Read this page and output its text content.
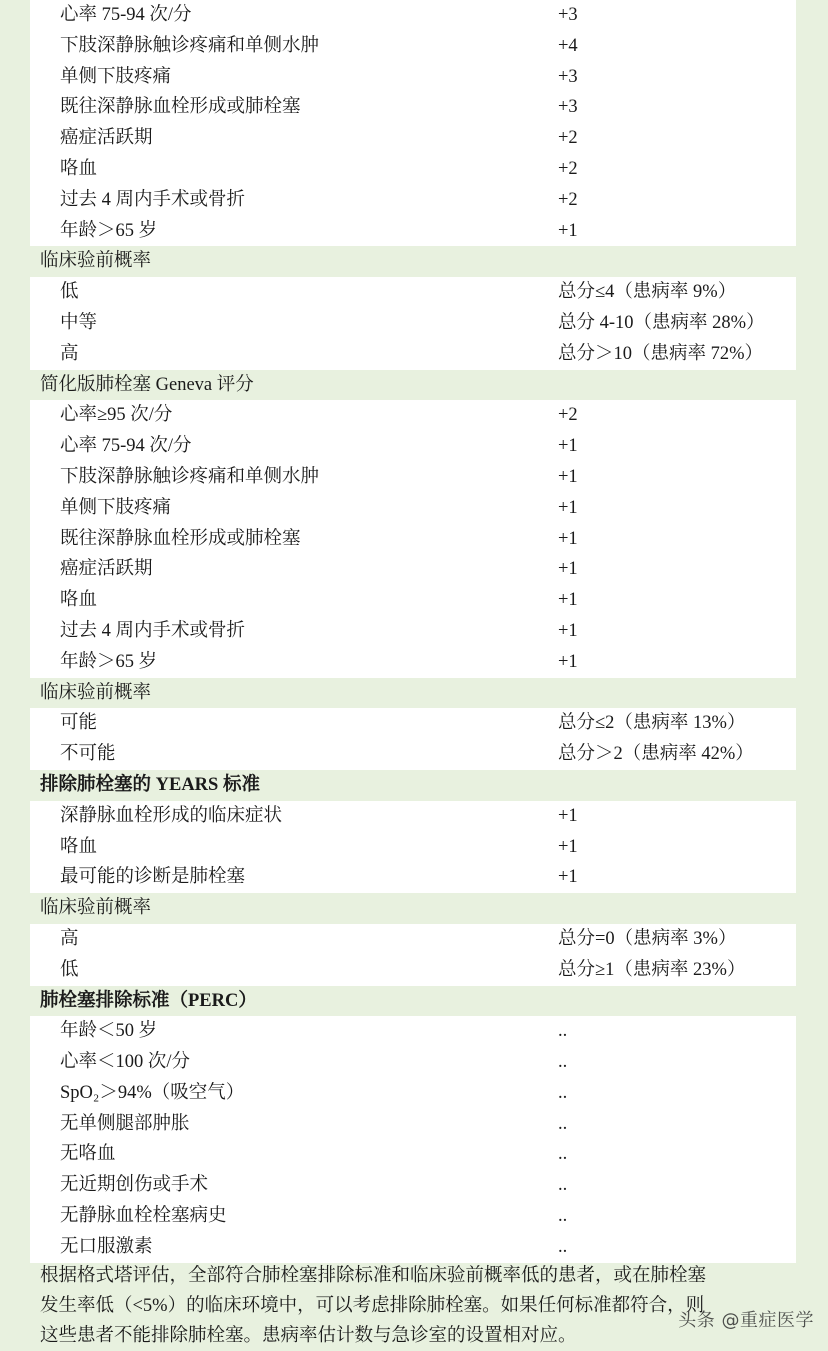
心率 75-94 次/分	+3
下肢深静脉触诊疼痛和单侧水肿	+4
单侧下肢疼痛	+3
既往深静脉血栓形成或肺栓塞	+3
癌症活跃期	+2
咯血	+2
过去 4 周内手术或骨折	+2
年龄＞65 岁	+1
临床验前概率
低	总分≤4（患病率 9%）
中等	总分 4-10（患病率 28%）
高	总分＞10（患病率 72%）
简化版肺栓塞 Geneva 评分
心率≥95 次/分	+2
心率 75-94 次/分	+1
下肢深静脉触诊疼痛和单侧水肿	+1
单侧下肢疼痛	+1
既往深静脉血栓形成或肺栓塞	+1
癌症活跃期	+1
咯血	+1
过去 4 周内手术或骨折	+1
年龄＞65 岁	+1
临床验前概率
可能	总分≤2（患病率 13%）
不可能	总分＞2（患病率 42%）
排除肺栓塞的 YEARS 标准
深静脉血栓形成的临床症状	+1
咯血	+1
最可能的诊断是肺栓塞	+1
临床验前概率
高	总分=0（患病率 3%）
低	总分≥1（患病率 23%）
肺栓塞排除标准（PERC）
年龄＜50 岁	..
心率＜100 次/分	..
SpO₂＞94%（吸空气）	..
无单侧腿部肿胀	..
无咯血	..
无近期创伤或手术	..
无静脉血栓栓塞病史	..
无口服激素	..

根据格式塔评估，全部符合肺栓塞排除标准和临床验前概率低的患者，或在肺栓塞

发生率低（<5%）的临床环境中，可以考虑排除肺栓塞。如果任何标准都符合，则

这些患者不能排除肺栓塞。患病率估计数与急诊室的设置相对应。

头条 @重症医学
